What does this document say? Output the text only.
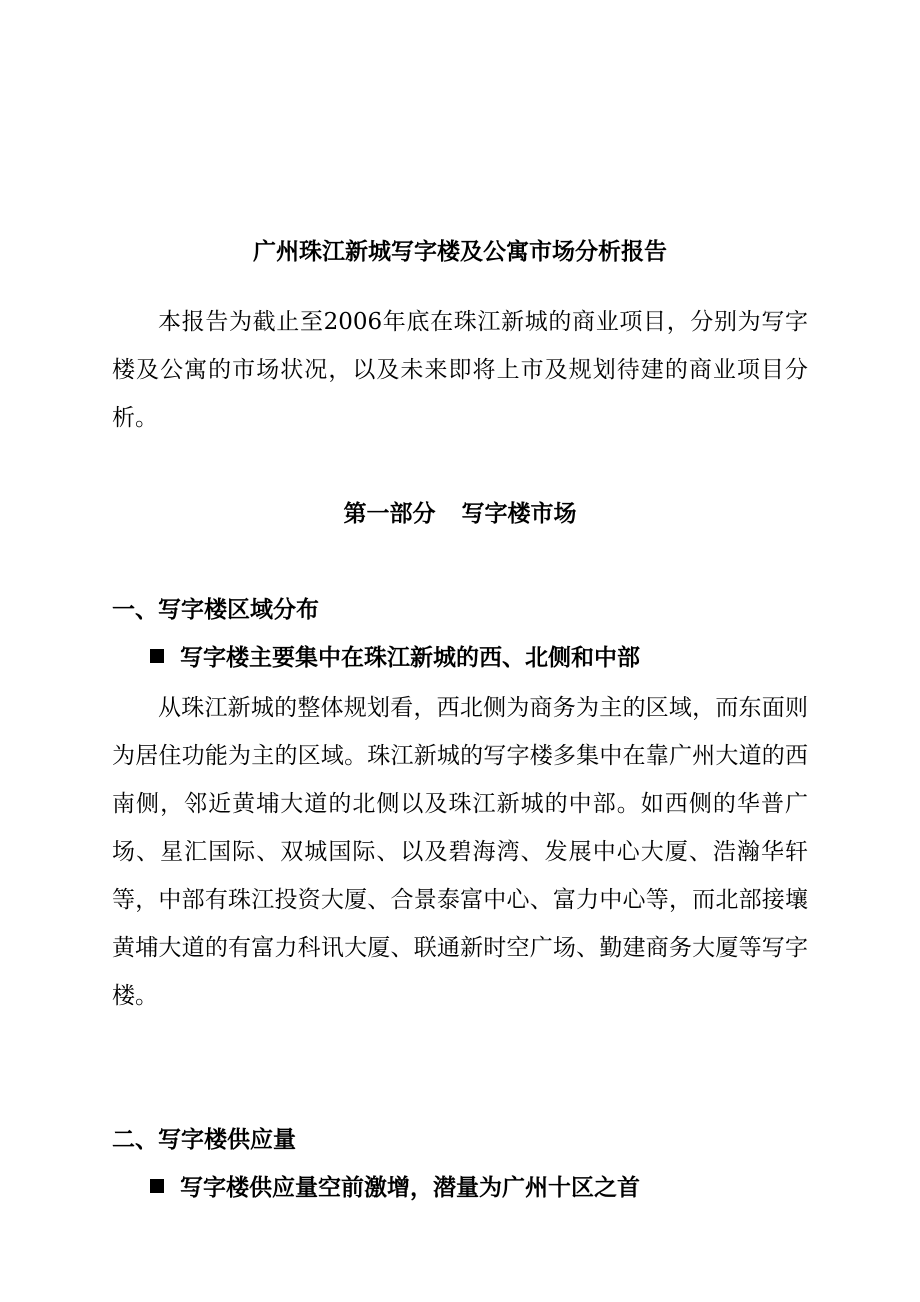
广州珠江新城写字楼及公寓市场分析报告
本报告为截止至2006年底在珠江新城的商业项目，分别为写字楼及公寓的市场状况，以及未来即将上市及规划待建的商业项目分析。
第一部分 写字楼市场
一、写字楼区域分布
写字楼主要集中在珠江新城的西、北侧和中部
从珠江新城的整体规划看，西北侧为商务为主的区域，而东面则为居住功能为主的区域。珠江新城的写字楼多集中在靠广州大道的西南侧，邻近黄埔大道的北侧以及珠江新城的中部。如西侧的华普广场、星汇国际、双城国际、以及碧海湾、发展中心大厦、浩瀚华轩等，中部有珠江投资大厦、合景泰富中心、富力中心等，而北部接壤黄埔大道的有富力科讯大厦、联通新时空广场、勤建商务大厦等写字楼。
二、写字楼供应量
写字楼供应量空前激增，潜量为广州十区之首
